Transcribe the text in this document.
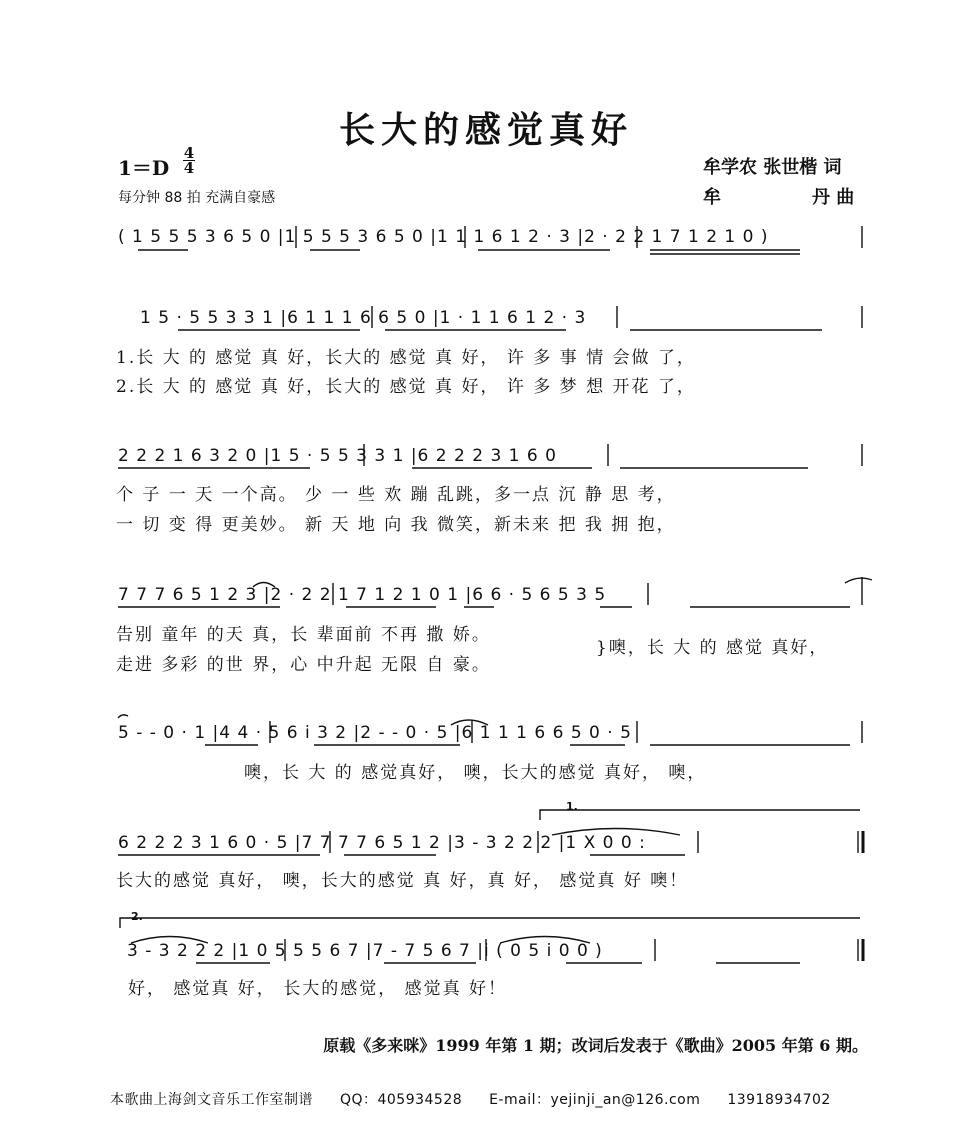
长大的感觉真好
1＝D
4
4
每分钟 88 拍 充满自豪感
牟学农 张世楷 词
牟	丹 曲
( 1 5 5 5 3 6 5 0 |1 5 5 5 3 6 5 0 |1 1 1 6 1 2 · 3 |2 · 2 2 1 7 1 2 1 0 )
1 5 · 5 5 3 3 1 |6 1 1 1 6 6 5 0 |1 · 1 1 6 1 2 · 3
1.长 大 的 感觉 真 好，长大的 感觉 真 好， 许 多 事 情 会做 了，
2.长 大 的 感觉 真 好，长大的 感觉 真 好， 许 多 梦 想 开花 了，
2 2 2 1 6 3 2 0 |1 5 · 5 5 3 3 1 |6 2 2 2 3 1 6 0
个 子 一 天 一个高。 少 一 些 欢 蹦 乱跳，多一点 沉 静 思 考，
一 切 变 得 更美妙。 新 天 地 向 我 微笑，新未来 把 我 拥 抱，
7 7 7 6 5 1 2 3 |2 · 2 2 1 7 1 2 1 0 1 |6 6 · 5 6 5 3 5
告别 童年 的天 真，长 辈面前 不再 撒 娇。
走进 多彩 的世 界，心 中升起 无限 自 豪。
}噢，长 大 的 感觉 真好，
5 - - 0 · 1 |4 4 · 5 6 i 3 2 |2 - - 0 · 5 |6 1 1 1 6 6 5 0 · 5
噢，长 大 的 感觉真好， 噢，长大的感觉 真好， 噢，
1.
6 2 2 2 3 1 6 0 · 5 |7 7 7 7 6 5 1 2 |3 - 3 2 2 2 |1 X 0 0 :
长大的感觉 真好， 噢，长大的感觉 真 好，真 好， 感觉真 好 噢！
2.
3 - 3 2 2 2 |1 0 5 5 5 6 7 |7 - 7 5 6 7 |i ( 0 5 i 0 0 )
好， 感觉真 好， 长大的感觉， 感觉真 好！
原载《多来咪》1999 年第 1 期；改词后发表于《歌曲》2005 年第 6 期。
本歌曲上海剑文音乐工作室制谱 QQ：405934528 E-mail：yejinji_an@126.com 13918934702
